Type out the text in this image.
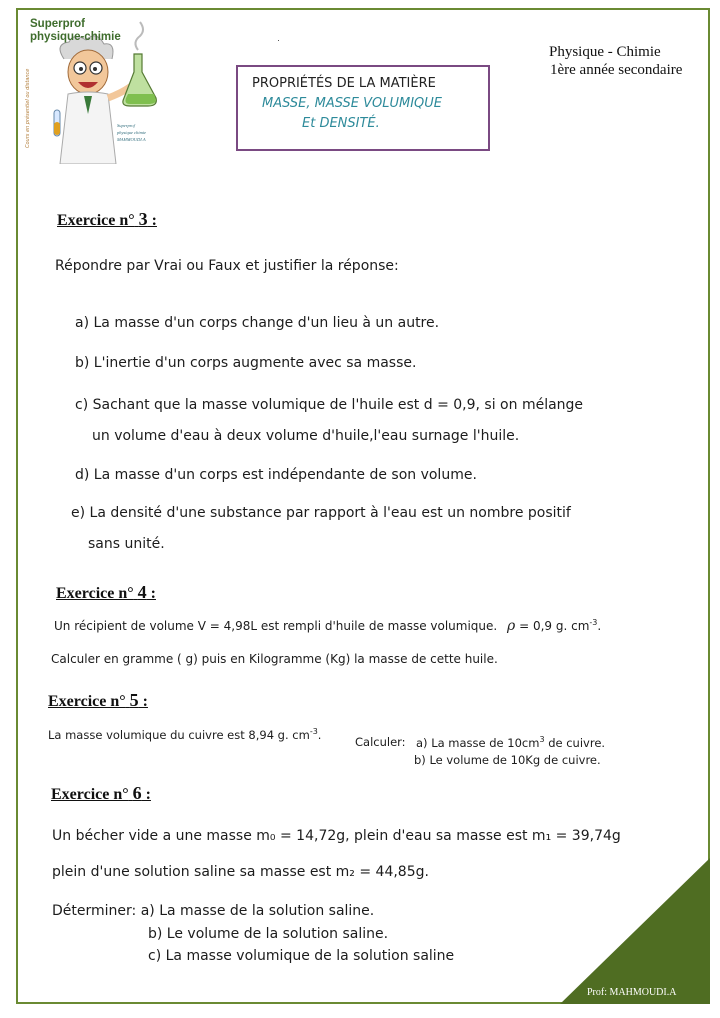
Superprof
physique-chimie
Cours en présentiel ou distance	Superprof
physique chimie
MAHMOUDI.A
Physique - Chimie
1ère année secondaire
PROPRIÉTÉS DE LA MATIÈRE
MASSE, MASSE VOLUMIQUE
Et DENSITÉ.
Exercice n° 3 :
Répondre par Vrai ou Faux et justifier la réponse:
a) La masse d'un corps change d'un lieu à un autre.
b) L'inertie d'un corps augmente avec sa masse.
c) Sachant que la masse volumique de l'huile est d = 0,9, si on mélange
un volume d'eau à deux volume d'huile,l'eau surnage l'huile.
d) La masse d'un corps est indépendante de son volume.
e) La densité d'une substance par rapport à l'eau est un nombre positif
sans unité.
Exercice n° 4 :
Un récipient de volume V = 4,98L est rempli d'huile de masse volumique. ρ = 0,9 g. $cm^{-3}$.
Calculer en gramme ( g) puis en Kilogramme (Kg) la masse de cette huile.
Exercice n° 5 :
La masse volumique du cuivre est 8,94 g. $cm^{-3}$.
Calculer: a) La masse de $10cm^3$ de cuivre.
b) Le volume de 10Kg de cuivre.
Exercice n° 6 :
Un bécher vide a une masse m₀ = 14,72g, plein d'eau sa masse est m₁ = 39,74g
plein d'une solution saline sa masse est m₂ = 44,85g.
Déterminer: a) La masse de la solution saline.
b) Le volume de la solution saline.
c) La masse volumique de la solution saline
Prof: MAHMOUDI.A
